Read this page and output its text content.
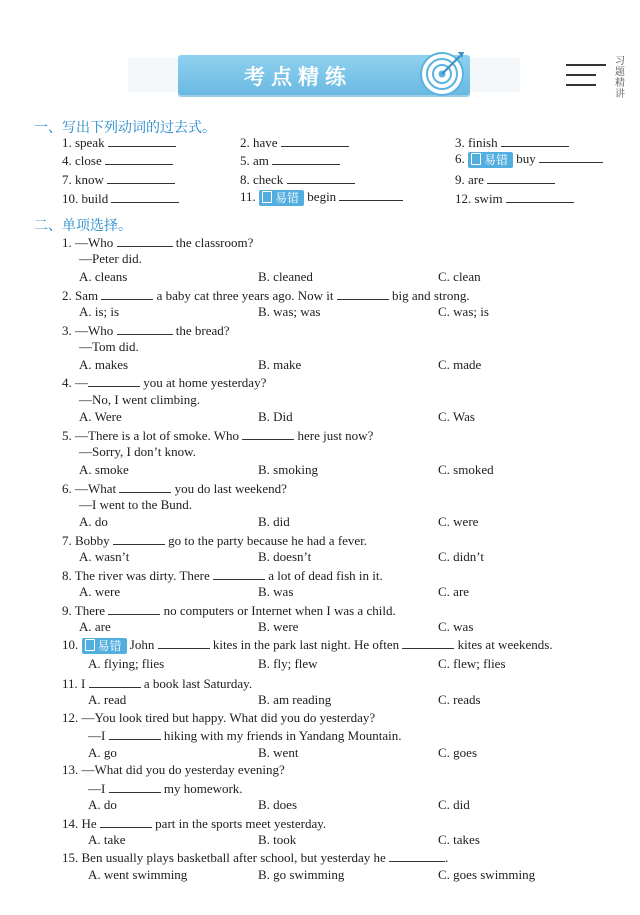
考点精练
习题精讲
一、写出下列动词的过去式。
1. speak	2. have	3. finish
4. close	5. am	6. 易错 buy
7. know	8. check	9. are
10. build	11. 易错 begin	12. swim
二、单项选择。
1. —Who	the classroom?
—Peter did.
A. cleans	B. cleaned	C. clean
2. Sam	a baby cat three years ago. Now it	big and strong.
A. is; is	B. was; was	C. was; is
3. —Who	the bread?
—Tom did.
A. makes	B. make	C. made
4. —	you at home yesterday?
—No, I went climbing.
A. Were	B. Did	C. Was
5. —There is a lot of smoke. Who	here just now?
—Sorry, I don’t know.
A. smoke	B. smoking	C. smoked
6. —What	you do last weekend?
—I went to the Bund.
A. do	B. did	C. were
7. Bobby	go to the party because he had a fever.
A. wasn’t	B. doesn’t	C. didn’t
8. The river was dirty. There	a lot of dead fish in it.
A. were	B. was	C. are
9. There	no computers or Internet when I was a child.
A. are	B. were	C. was
10. 易错 John	kites in the park last night. He often	kites at weekends.
A. flying; flies	B. fly; flew	C. flew; flies
11. I	a book last Saturday.
A. read	B. am reading	C. reads
12. —You look tired but happy. What did you do yesterday?
—I	hiking with my friends in Yandang Mountain.
A. go	B. went	C. goes
13. —What did you do yesterday evening?
—I	my homework.
A. do	B. does	C. did
14. He	part in the sports meet yesterday.
A. take	B. took	C. takes
15. Ben usually plays basketball after school, but yesterday he	.
A. went swimming	B. go swimming	C. goes swimming
